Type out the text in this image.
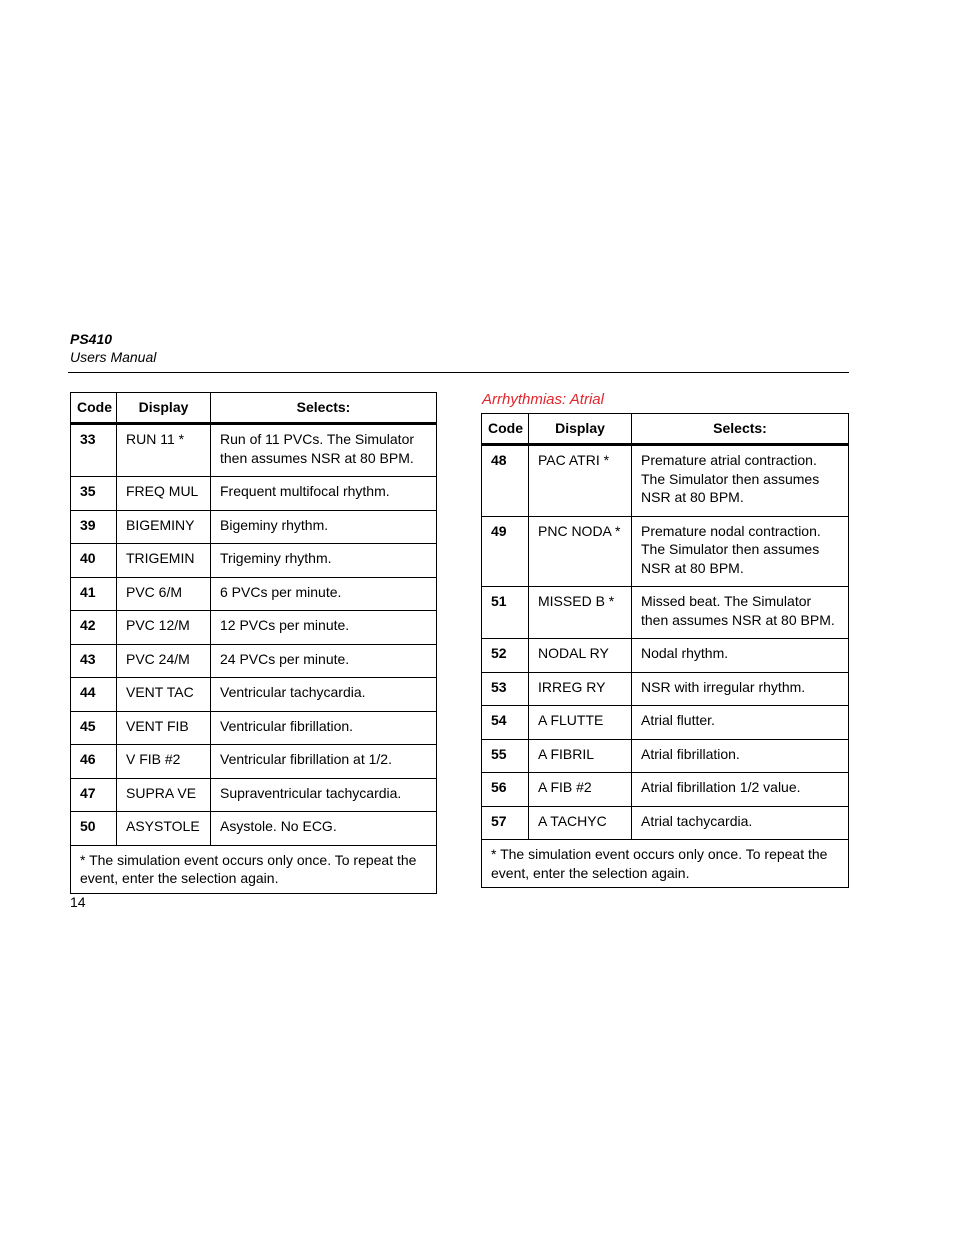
PS410
Users Manual
Code	Display	Selects:
33	RUN 11 *	Run of 11 PVCs. The Simulator then assumes NSR at 80 BPM.
35	FREQ MUL	Frequent multifocal rhythm.
39	BIGEMINY	Bigeminy rhythm.
40	TRIGEMIN	Trigeminy rhythm.
41	PVC 6/M	6 PVCs per minute.
42	PVC 12/M	12 PVCs per minute.
43	PVC 24/M	24 PVCs per minute.
44	VENT TAC	Ventricular tachycardia.
45	VENT FIB	Ventricular fibrillation.
46	V FIB #2	Ventricular fibrillation at 1/2.
47	SUPRA VE	Supraventricular tachycardia.
50	ASYSTOLE	Asystole. No ECG.
* The simulation event occurs only once. To repeat the event, enter the selection again.		
Arrhythmias: Atrial
Code	Display	Selects:
48	PAC ATRI *	Premature atrial contraction. The Simulator then assumes NSR at 80 BPM.
49	PNC NODA *	Premature nodal contraction. The Simulator then assumes NSR at 80 BPM.
51	MISSED B *	Missed beat. The Simulator then assumes NSR at 80 BPM.
52	NODAL RY	Nodal rhythm.
53	IRREG RY	NSR with irregular rhythm.
54	A FLUTTE	Atrial flutter.
55	A FIBRIL	Atrial fibrillation.
56	A FIB #2	Atrial fibrillation 1/2 value.
57	A TACHYC	Atrial tachycardia.
* The simulation event occurs only once. To repeat the event, enter the selection again.		
14
